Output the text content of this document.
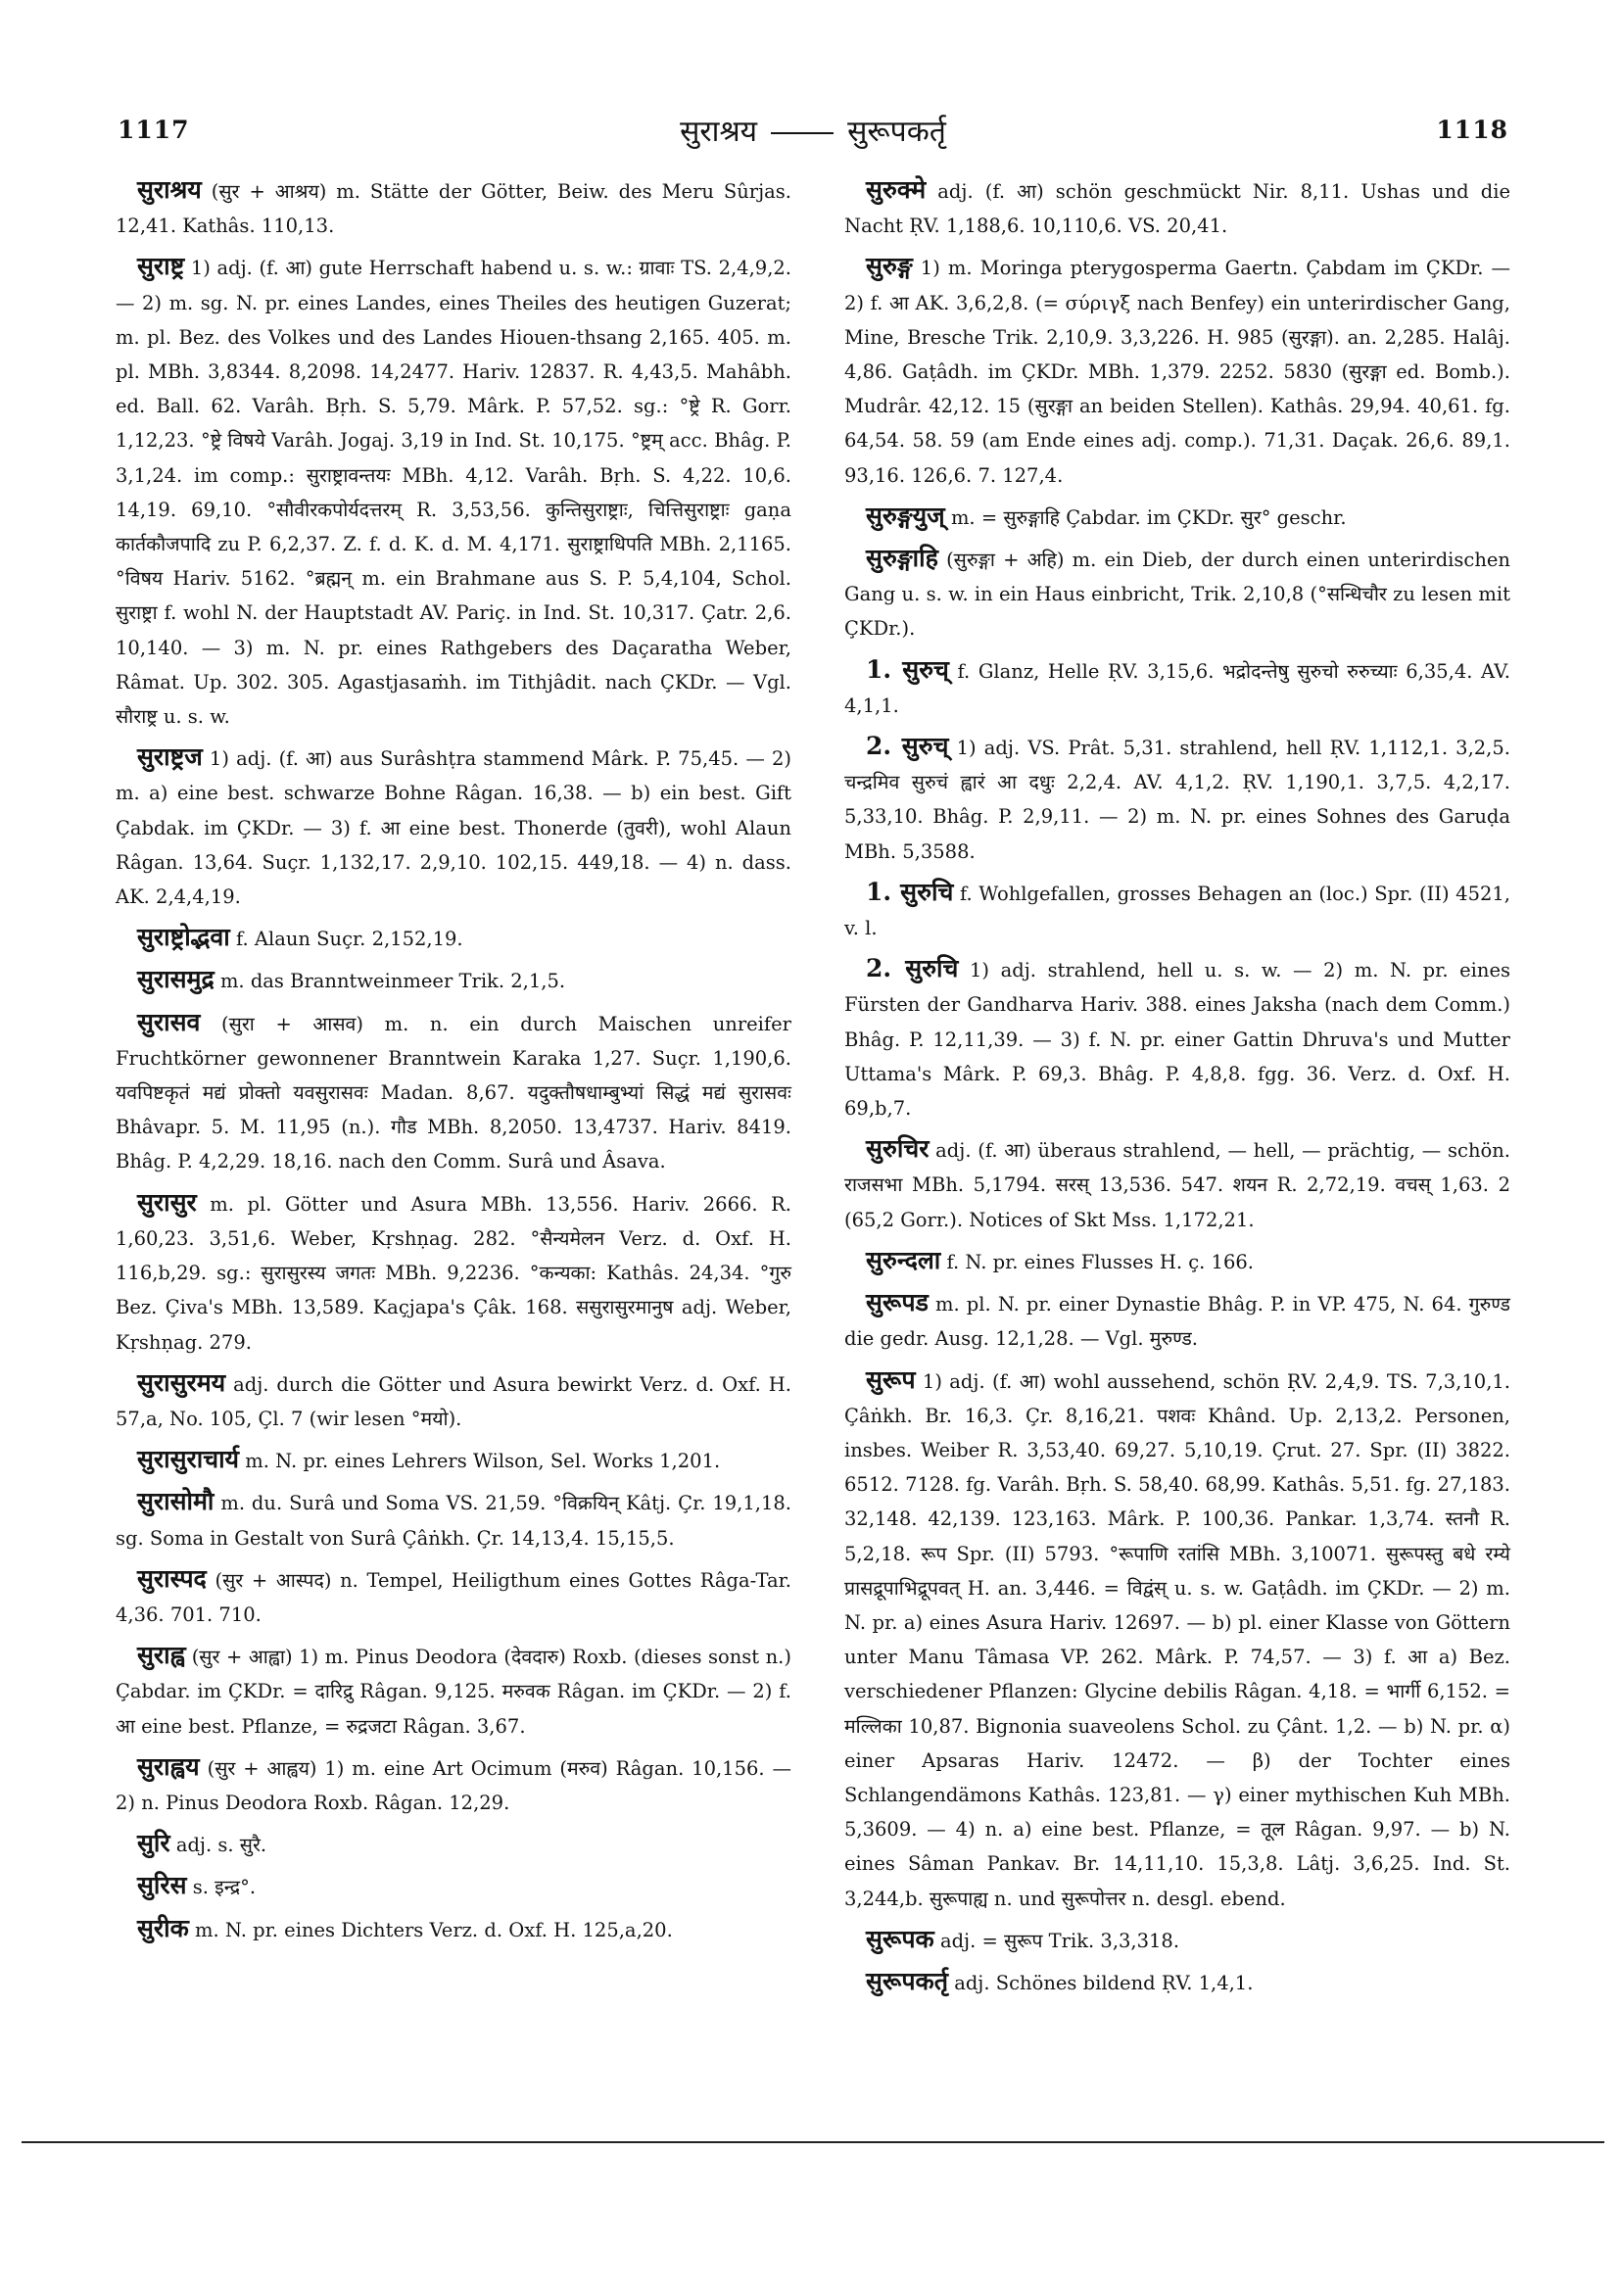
1117	सुराश्रय	सुरूपकर्तृ	1118

सुराश्रय (सुर + आश्रय) m. Stätte der Götter, Beiw. des Meru Sûrjas. 12,41. Kathâs. 110,13.

सुराष्ट्र 1) adj. (f. आ) gute Herrschaft habend u. s. w.: ग्रावाः TS. 2,4,9,2. — 2) m. sg. N. pr. eines Landes, eines Theiles des heutigen Guzerat; m. pl. Bez. des Volkes und des Landes Hiouen-thsang 2,165. 405. m. pl. MBh. 3,8344. 8,2098. 14,2477. Hariv. 12837. R. 4,43,5. Mahâbh. ed. Ball. 62. Varâh. Bṛh. S. 5,79. Mârk. P. 57,52. sg.: °ष्ट्रे R. Gorr. 1,12,23. °ष्ट्रे विषये Varâh. Jogaj. 3,19 in Ind. St. 10,175. °ष्ट्रम् acc. Bhâg. P. 3,1,24. im comp.: सुराष्ट्रावन्तयः MBh. 4,12. Varâh. Bṛh. S. 4,22. 10,6. 14,19. 69,10. °सौवीरकपोर्यदत्तरम् R. 3,53,56. कुन्तिसुराष्ट्राः, चित्तिसुराष्ट्राः gaṇa कार्तकौजपादि zu P. 6,2,37. Z. f. d. K. d. M. 4,171. सुराष्ट्राधिपति MBh. 2,1165. °विषय Hariv. 5162. °ब्रह्मन् m. ein Brahmane aus S. P. 5,4,104, Schol. सुराष्ट्रा f. wohl N. der Hauptstadt AV. Pariç. in Ind. St. 10,317. Çatr. 2,6. 10,140. — 3) m. N. pr. eines Rathgebers des Daçaratha Weber, Râmat. Up. 302. 305. Agastjasaṁh. im Tithjâdit. nach ÇKDr. — Vgl. सौराष्ट्र u. s. w.

सुराष्ट्रज 1) adj. (f. आ) aus Surâshṭra stammend Mârk. P. 75,45. — 2) m. a) eine best. schwarze Bohne Râgan. 16,38. — b) ein best. Gift Çabdak. im ÇKDr. — 3) f. आ eine best. Thonerde (तुवरी), wohl Alaun Râgan. 13,64. Suçr. 1,132,17. 2,9,10. 102,15. 449,18. — 4) n. dass. AK. 2,4,4,19.

सुराष्ट्रोद्भवा f. Alaun Suçr. 2,152,19.

सुरासमुद्र m. das Branntweinmeer Trik. 2,1,5.

सुरासव (सुरा + आसव) m. n. ein durch Maischen unreifer Fruchtkörner gewonnener Branntwein Karaka 1,27. Suçr. 1,190,6. यवपिष्टकृतं मद्यं प्रोक्तो यवसुरासवः Madan. 8,67. यदुक्तौषधाम्बुभ्यां सिद्धं मद्यं सुरासवः Bhâvapr. 5. M. 11,95 (n.). गौड MBh. 8,2050. 13,4737. Hariv. 8419. Bhâg. P. 4,2,29. 18,16. nach den Comm. Surâ und Âsava.

सुरासुर m. pl. Götter und Asura MBh. 13,556. Hariv. 2666. R. 1,60,23. 3,51,6. Weber, Kṛshṇag. 282. °सैन्यमेलन Verz. d. Oxf. H. 116,b,29. sg.: सुरासुरस्य जगतः MBh. 9,2236. °कन्यका: Kathâs. 24,34. °गुरु Bez. Çiva's MBh. 13,589. Kaçjapa's Çâk. 168. ससुरासुरमानुष adj. Weber, Kṛshṇag. 279.

सुरासुरमय adj. durch die Götter und Asura bewirkt Verz. d. Oxf. H. 57,a, No. 105, Çl. 7 (wir lesen °मयो).

सुरासुराचार्य m. N. pr. eines Lehrers Wilson, Sel. Works 1,201.

सुरासोमौ m. du. Surâ und Soma VS. 21,59. °विक्रयिन् Kâtj. Çr. 19,1,18. sg. Soma in Gestalt von Surâ Çâṅkh. Çr. 14,13,4. 15,15,5.

सुरास्पद (सुर + आस्पद) n. Tempel, Heiligthum eines Gottes Râga-Tar. 4,36. 701. 710.

सुराह्व (सुर + आह्वा) 1) m. Pinus Deodora (देवदारु) Roxb. (dieses sonst n.) Çabdar. im ÇKDr. = दारिद्रु Râgan. 9,125. मरुवक Râgan. im ÇKDr. — 2) f. आ eine best. Pflanze, = रुद्रजटा Râgan. 3,67.

सुराह्वय (सुर + आह्वय) 1) m. eine Art Ocimum (मरुव) Râgan. 10,156. — 2) n. Pinus Deodora Roxb. Râgan. 12,29.

सुरि adj. s. सुरै.

सुरिस s. इन्द्र°.

सुरीक m. N. pr. eines Dichters Verz. d. Oxf. H. 125,a,20.

सुरुक्मे adj. (f. आ) schön geschmückt Nir. 8,11. Ushas und die Nacht ṚV. 1,188,6. 10,110,6. VS. 20,41.

सुरुङ्ग 1) m. Moringa pterygosperma Gaertn. Çabdam im ÇKDr. — 2) f. आ AK. 3,6,2,8. (= σύριγξ nach Benfey) ein unterirdischer Gang, Mine, Bresche Trik. 2,10,9. 3,3,226. H. 985 (सुरङ्गा). an. 2,285. Halâj. 4,86. Gaṭâdh. im ÇKDr. MBh. 1,379. 2252. 5830 (सुरङ्गा ed. Bomb.). Mudrâr. 42,12. 15 (सुरङ्गा an beiden Stellen). Kathâs. 29,94. 40,61. fg. 64,54. 58. 59 (am Ende eines adj. comp.). 71,31. Daçak. 26,6. 89,1. 93,16. 126,6. 7. 127,4.

सुरुङ्गयुज् m. = सुरुङ्गाहि Çabdar. im ÇKDr. सुर° geschr.

सुरुङ्गाहि (सुरुङ्गा + अहि) m. ein Dieb, der durch einen unterirdischen Gang u. s. w. in ein Haus einbricht, Trik. 2,10,8 (°सन्धिचौर zu lesen mit ÇKDr.).

1. सुरुच् f. Glanz, Helle ṚV. 3,15,6. भद्रोदन्तेषु सुरुचो रुरुच्याः 6,35,4. AV. 4,1,1.

2. सुरुच् 1) adj. VS. Prât. 5,31. strahlend, hell ṚV. 1,112,1. 3,2,5. चन्द्रमिव सुरुचं ह्वारं आ दधुः 2,2,4. AV. 4,1,2. ṚV. 1,190,1. 3,7,5. 4,2,17. 5,33,10. Bhâg. P. 2,9,11. — 2) m. N. pr. eines Sohnes des Garuḍa MBh. 5,3588.

1. सुरुचि f. Wohlgefallen, grosses Behagen an (loc.) Spr. (II) 4521, v. l.

2. सुरुचि 1) adj. strahlend, hell u. s. w. — 2) m. N. pr. eines Fürsten der Gandharva Hariv. 388. eines Jaksha (nach dem Comm.) Bhâg. P. 12,11,39. — 3) f. N. pr. einer Gattin Dhruva's und Mutter Uttama's Mârk. P. 69,3. Bhâg. P. 4,8,8. fgg. 36. Verz. d. Oxf. H. 69,b,7.

सुरुचिर adj. (f. आ) überaus strahlend, — hell, — prächtig, — schön. राजसभा MBh. 5,1794. सरस् 13,536. 547. शयन R. 2,72,19. वचस् 1,63. 2 (65,2 Gorr.). Notices of Skt Mss. 1,172,21.

सुरुन्दला f. N. pr. eines Flusses H. ç. 166.

सुरूपड m. pl. N. pr. einer Dynastie Bhâg. P. in VP. 475, N. 64. गुरुण्ड die gedr. Ausg. 12,1,28. — Vgl. मुरुण्ड.

सुरूप 1) adj. (f. आ) wohl aussehend, schön ṚV. 2,4,9. TS. 7,3,10,1. Çâṅkh. Br. 16,3. Çr. 8,16,21. पशवः Khând. Up. 2,13,2. Personen, insbes. Weiber R. 3,53,40. 69,27. 5,10,19. Çrut. 27. Spr. (II) 3822. 6512. 7128. fg. Varâh. Bṛh. S. 58,40. 68,99. Kathâs. 5,51. fg. 27,183. 32,148. 42,139. 123,163. Mârk. P. 100,36. Pankar. 1,3,74. स्तनौ R. 5,2,18. रूप Spr. (II) 5793. °रूपाणि रतांसि MBh. 3,10071. सुरूपस्तु बधे रम्ये प्रासद्रूपाभिद्रूपवत् H. an. 3,446. = विद्वंस् u. s. w. Gaṭâdh. im ÇKDr. — 2) m. N. pr. a) eines Asura Hariv. 12697. — b) pl. einer Klasse von Göttern unter Manu Tâmasa VP. 262. Mârk. P. 74,57. — 3) f. आ a) Bez. verschiedener Pflanzen: Glycine debilis Râgan. 4,18. = भार्गी 6,152. = मल्लिका 10,87. Bignonia suaveolens Schol. zu Çânt. 1,2. — b) N. pr. α) einer Apsaras Hariv. 12472. — β) der Tochter eines Schlangendämons Kathâs. 123,81. — γ) einer mythischen Kuh MBh. 5,3609. — 4) n. a) eine best. Pflanze, = तूल Râgan. 9,97. — b) N. eines Sâman Pankav. Br. 14,11,10. 15,3,8. Lâtj. 3,6,25. Ind. St. 3,244,b. सुरूपाह्य n. und सुरूपोत्तर n. desgl. ebend.

सुरूपक adj. = सुरूप Trik. 3,3,318.

सुरूपकर्तृ adj. Schönes bildend ṚV. 1,4,1.
